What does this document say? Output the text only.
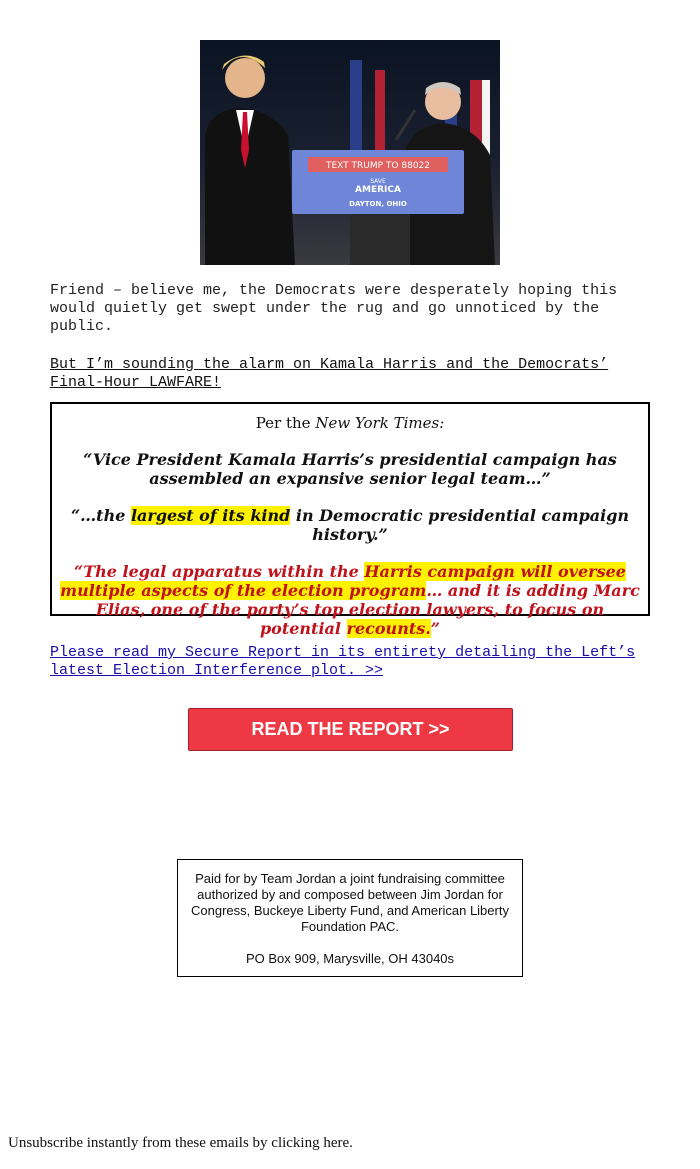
TEXT TRUMP TO 88022
SAVE
AMERICA
DAYTON, OHIO
Friend – believe me, the Democrats were desperately hoping this would quietly get swept under the rug and go unnoticed by the public.
But I’m sounding the alarm on Kamala Harris and the Democrats’ Final-Hour LAWFARE!
Per the New York Times:
“Vice President Kamala Harris’s presidential campaign has assembled an expansive senior legal team…”
“…the largest of its kind in Democratic presidential campaign history.”
“The legal apparatus within the Harris campaign will oversee multiple aspects of the election program… and it is adding Marc Elias, one of the party’s top election lawyers, to focus on potential recounts.”
Please read my Secure Report in its entirety detailing the Left’s latest Election Interference plot. >>
READ THE REPORT >>
Paid for by Team Jordan a joint fundraising committee authorized by and composed between Jim Jordan for Congress, Buckeye Liberty Fund, and American Liberty Foundation PAC.
PO Box 909, Marysville, OH 43040s
Unsubscribe instantly from these emails by clicking here.
